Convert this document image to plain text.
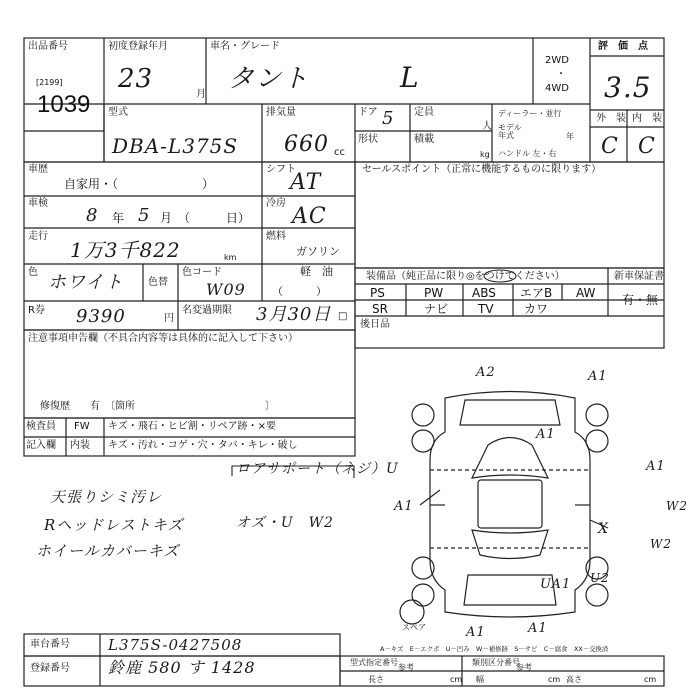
出品番号
[2199]
1039
初度登録年月
23
月
車名・グレード
タント	L
2WD
・
4WD
評　価　点
3.5
外　装 内　装
C C
型式
DBA-L375S
排気量
660 cc
ドア 5 定員
人
形状	積載
kg
ディーラー・並行
モデル
年式	年
ハンドル 左・右
車歴
自家用・（　　　　　　　）
シフト
AT
車検
8 年 5 月 （　　　日）
冷房
AC
走行
1万3千822	km
燃料
ガソリン
軽　油
（　　　）
色 ホワイト 色替
色コード
W09
R券 9390	円
名変過期限 3月30日 □
セールスポイント（正常に機能するものに限ります）
装備品（純正品に限り◎をつけてください）	新車保証書
有・無
PS	PW ABS エアB AW
SR	ナビ TV	カワ
後日品
注意事項申告欄（不具合内容等は具体的に記入して下さい）
修復歴　　有　〔箇所　　　　　　　　　　　　　〕
検査員
記入欄
FW キズ・飛石・ヒビ割・リペア跡・×要
内装 キズ・汚れ・コゲ・穴・タバ・キレ・破し
天張りシミ汚レ
Rヘッドレストキズ
ホイールカバーキズ
ロアサポート（ネジ）U
オズ・U　W2
A2	A1
A1
A1
A1	W2
X
W2
UA1 U2
A1	A1
スペア
A－キズ　E－エクボ　U－凹み　W－補修跡　S－サビ　C－腐食　XX－交換済
車台番号	L375S-0427508
登録番号 鈴鹿 580 す 1428	型式指定番号
参考
類別区分番号
参考
長さ	cm 幅	cm 高さ	cm
